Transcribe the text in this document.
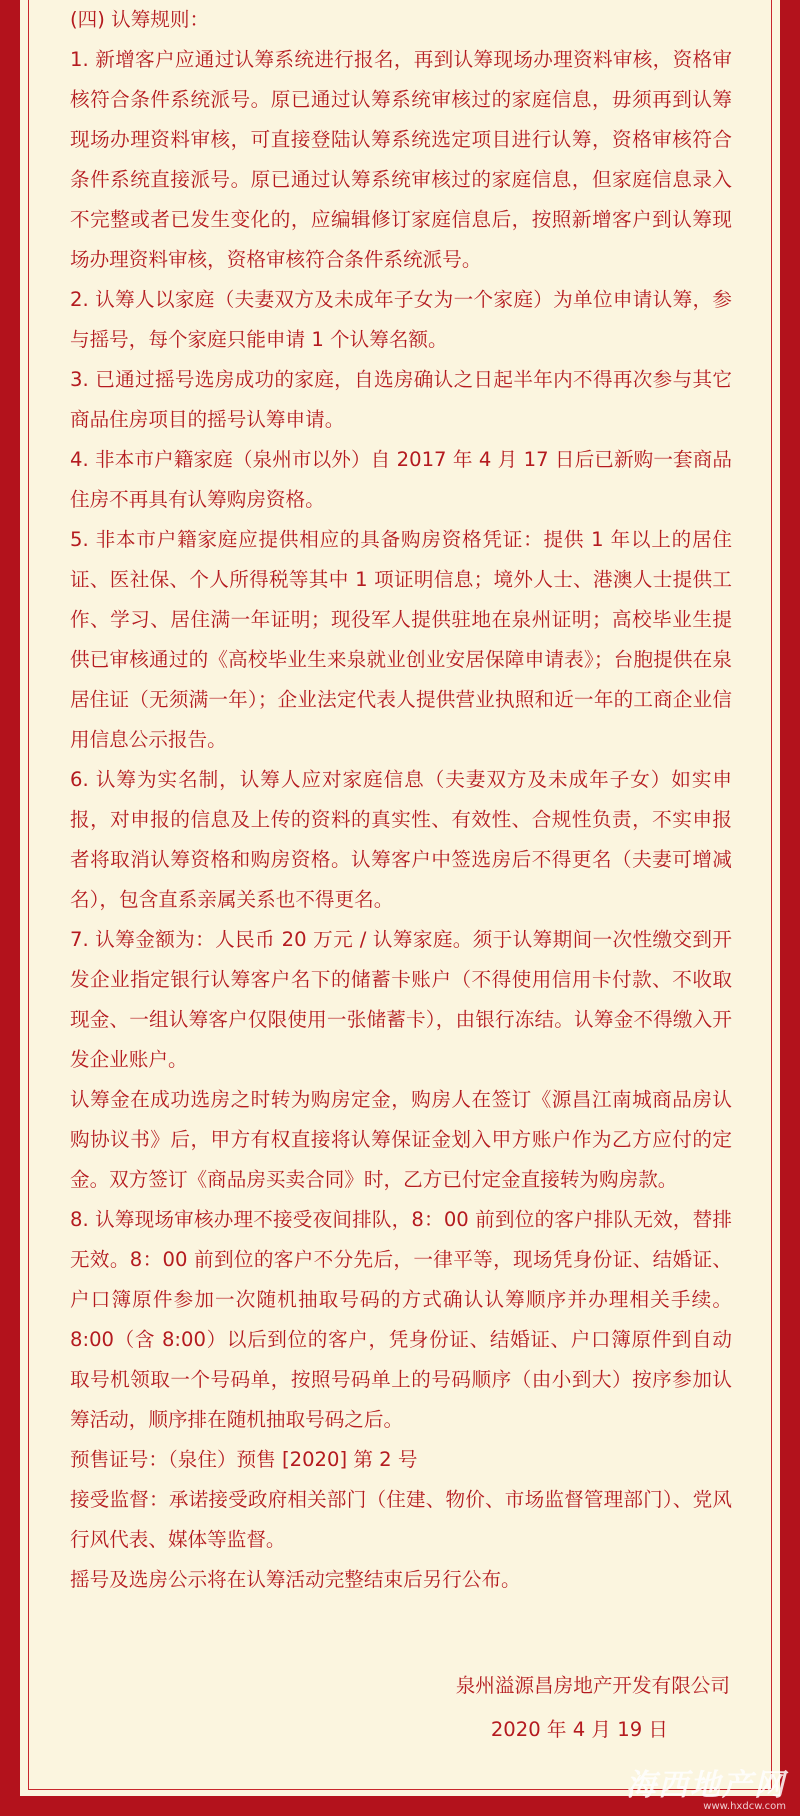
(四) 认筹规则：

1. 新增客户应通过认筹系统进行报名，再到认筹现场办理资料审核，资格审核符合条件系统派号。原已通过认筹系统审核过的家庭信息，毋须再到认筹现场办理资料审核，可直接登陆认筹系统选定项目进行认筹，资格审核符合条件系统直接派号。原已通过认筹系统审核过的家庭信息，但家庭信息录入不完整或者已发生变化的，应编辑修订家庭信息后，按照新增客户到认筹现场办理资料审核，资格审核符合条件系统派号。

2. 认筹人以家庭（夫妻双方及未成年子女为一个家庭）为单位申请认筹，参与摇号，每个家庭只能申请 1 个认筹名额。

3. 已通过摇号选房成功的家庭，自选房确认之日起半年内不得再次参与其它商品住房项目的摇号认筹申请。

4. 非本市户籍家庭（泉州市以外）自 2017 年 4 月 17 日后已新购一套商品住房不再具有认筹购房资格。

5. 非本市户籍家庭应提供相应的具备购房资格凭证：提供 1 年以上的居住证、医社保、个人所得税等其中 1 项证明信息；境外人士、港澳人士提供工作、学习、居住满一年证明；现役军人提供驻地在泉州证明；高校毕业生提供已审核通过的《高校毕业生来泉就业创业安居保障申请表》；台胞提供在泉居住证（无须满一年）；企业法定代表人提供营业执照和近一年的工商企业信用信息公示报告。

6. 认筹为实名制，认筹人应对家庭信息（夫妻双方及未成年子女）如实申报，对申报的信息及上传的资料的真实性、有效性、合规性负责，不实申报者将取消认筹资格和购房资格。认筹客户中签选房后不得更名（夫妻可增减名），包含直系亲属关系也不得更名。

7. 认筹金额为：人民币 20 万元 / 认筹家庭。须于认筹期间一次性缴交到开发企业指定银行认筹客户名下的储蓄卡账户（不得使用信用卡付款、不收取现金、一组认筹客户仅限使用一张储蓄卡），由银行冻结。认筹金不得缴入开发企业账户。

认筹金在成功选房之时转为购房定金，购房人在签订《源昌江南城商品房认购协议书》后，甲方有权直接将认筹保证金划入甲方账户作为乙方应付的定金。双方签订《商品房买卖合同》时，乙方已付定金直接转为购房款。

8. 认筹现场审核办理不接受夜间排队，8：00 前到位的客户排队无效，替排无效。8：00 前到位的客户不分先后，一律平等，现场凭身份证、结婚证、户口簿原件参加一次随机抽取号码的方式确认认筹顺序并办理相关手续。8:00（含 8:00）以后到位的客户，凭身份证、结婚证、户口簿原件到自动取号机领取一个号码单，按照号码单上的号码顺序（由小到大）按序参加认筹活动，顺序排在随机抽取号码之后。

预售证号：（泉住）预售 [2020] 第 2 号

接受监督：承诺接受政府相关部门（住建、物价、市场监督管理部门）、党风行风代表、媒体等监督。

摇号及选房公示将在认筹活动完整结束后另行公布。

泉州溢源昌房地产开发有限公司

2020 年 4 月 19 日

海西地产网
www.hxdcw.com
